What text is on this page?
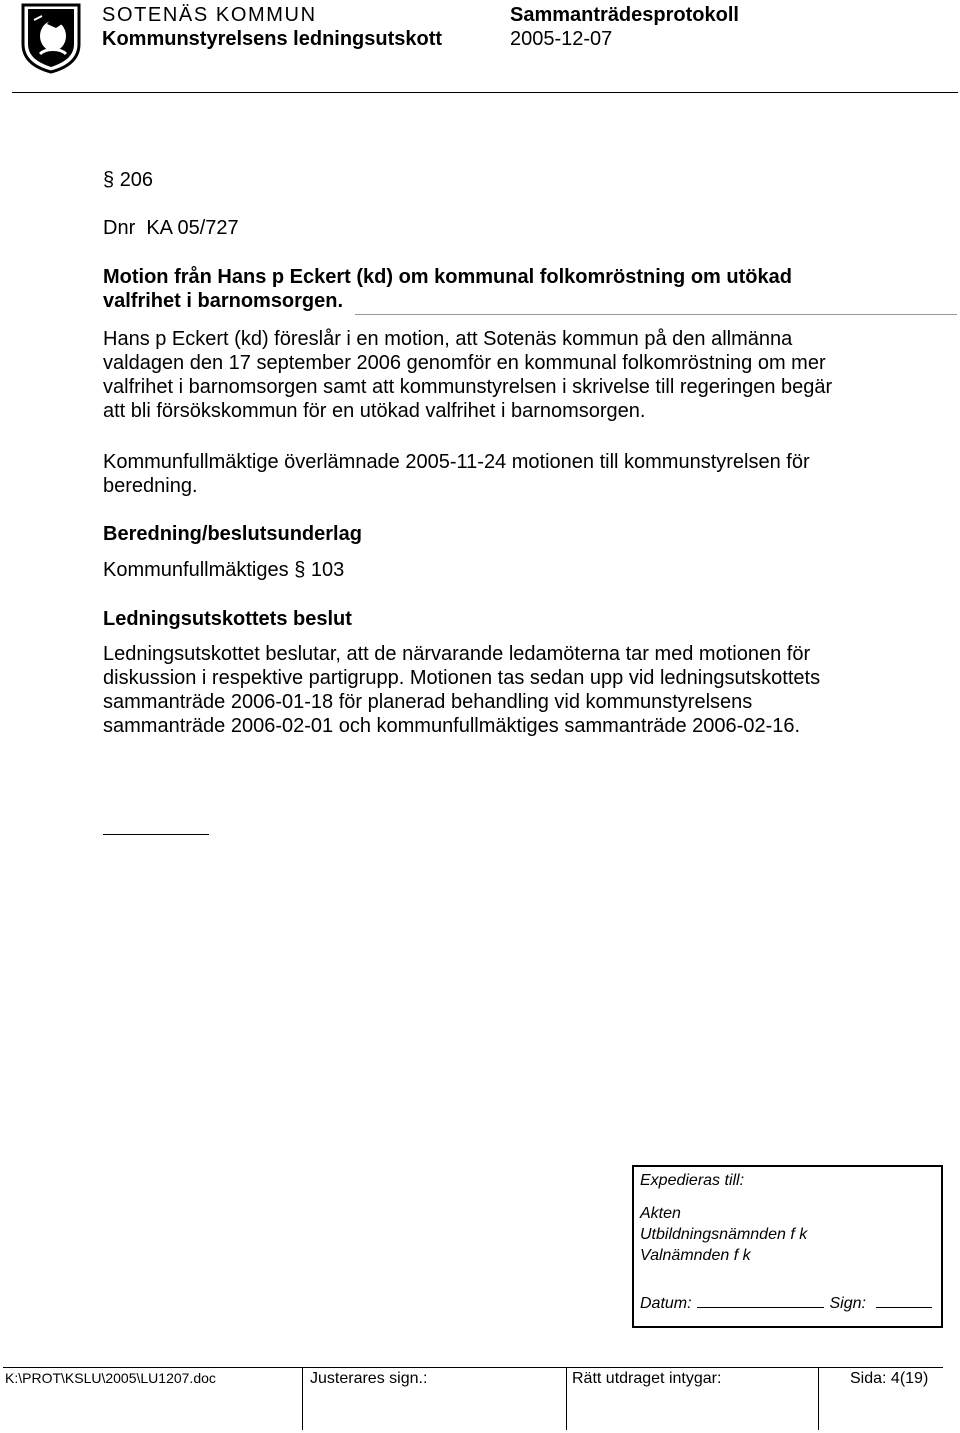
SOTENÄS KOMMUN
Kommunstyrelsens ledningsutskott
Sammanträdesprotokoll
2005-12-07
§ 206
Dnr  KA 05/727
Motion från Hans p Eckert (kd) om kommunal folkomröstning om utökad
valfrihet i barnomsorgen.
Hans p Eckert (kd) föreslår i en motion, att Sotenäs kommun på den allmänna
valdagen den 17 september 2006 genomför en kommunal folkomröstning om mer
valfrihet i barnomsorgen samt att kommunstyrelsen i skrivelse till regeringen begär
att bli försökskommun för en utökad valfrihet i barnomsorgen.
Kommunfullmäktige överlämnade 2005-11-24 motionen till kommunstyrelsen för
beredning.
Beredning/beslutsunderlag
Kommunfullmäktiges § 103
Ledningsutskottets beslut
Ledningsutskottet beslutar, att de närvarande ledamöterna tar med motionen för
diskussion i respektive partigrupp. Motionen tas sedan upp vid ledningsutskottets
sammanträde 2006-01-18 för planerad behandling vid kommunstyrelsens
sammanträde 2006-02-01 och kommunfullmäktiges sammanträde 2006-02-16.
Expedieras till:
Akten
Utbildningsnämnden f k
Valnämnden f k
Datum:	Sign:
K:\PROT\KSLU\2005\LU1207.doc	Justerares sign.:	Rätt utdraget intygar:	Sida: 4(19)
